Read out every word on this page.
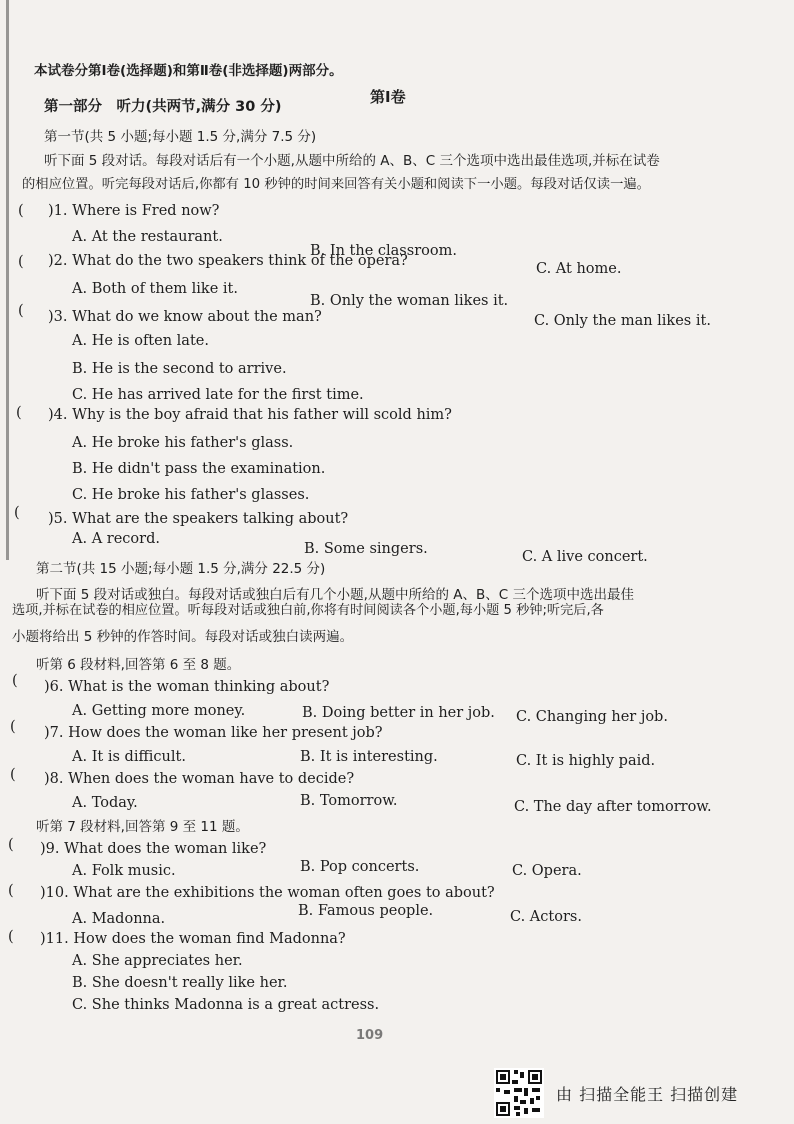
本试卷分第Ⅰ卷(选择题)和第Ⅱ卷(非选择题)两部分。
第Ⅰ卷
第一部分　听力(共两节,满分 30 分)
第一节(共 5 小题;每小题 1.5 分,满分 7.5 分)
听下面 5 段对话。每段对话后有一个小题,从题中所给的 A、B、C 三个选项中选出最佳选项,并标在试卷
的相应位置。听完每段对话后,你都有 10 秒钟的时间来回答有关小题和阅读下一小题。每段对话仅读一遍。
( )1. Where is Fred now?
A. At the restaurant.
B. In the classroom.
C. At home.
( )2. What do the two speakers think of the opera?
A. Both of them like it.
B. Only the woman likes it.
C. Only the man likes it.
( )3. What do we know about the man?
A. He is often late.
B. He is the second to arrive.
C. He has arrived late for the first time.
( )4. Why is the boy afraid that his father will scold him?
A. He broke his father's glass.
B. He didn't pass the examination.
C. He broke his father's glasses.
( )5. What are the speakers talking about?
A. A record.
B. Some singers.	C. A live concert.
第二节(共 15 小题;每小题 1.5 分,满分 22.5 分)
听下面 5 段对话或独白。每段对话或独白后有几个小题,从题中所给的 A、B、C 三个选项中选出最佳
选项,并标在试卷的相应位置。听每段对话或独白前,你将有时间阅读各个小题,每小题 5 秒钟;听完后,各
小题将给出 5 秒钟的作答时间。每段对话或独白读两遍。
听第 6 段材料,回答第 6 至 8 题。
( )6. What is the woman thinking about?
A. Getting more money.	B. Doing better in her job. C. Changing her job.
( )7. How does the woman like her present job?
A. It is difficult.	B. It is interesting.	C. It is highly paid.
( )8. When does the woman have to decide?
A. Today.	B. Tomorrow.	C. The day after tomorrow.
听第 7 段材料,回答第 9 至 11 题。
( )9. What does the woman like?
A. Folk music.	B. Pop concerts.	C. Opera.
( )10. What are the exhibitions the woman often goes to about?
A. Madonna.	B. Famous people.	C. Actors.
( )11. How does the woman find Madonna?
A. She appreciates her.
B. She doesn't really like her.
C. She thinks Madonna is a great actress.
109
由 扫描全能王 扫描创建
